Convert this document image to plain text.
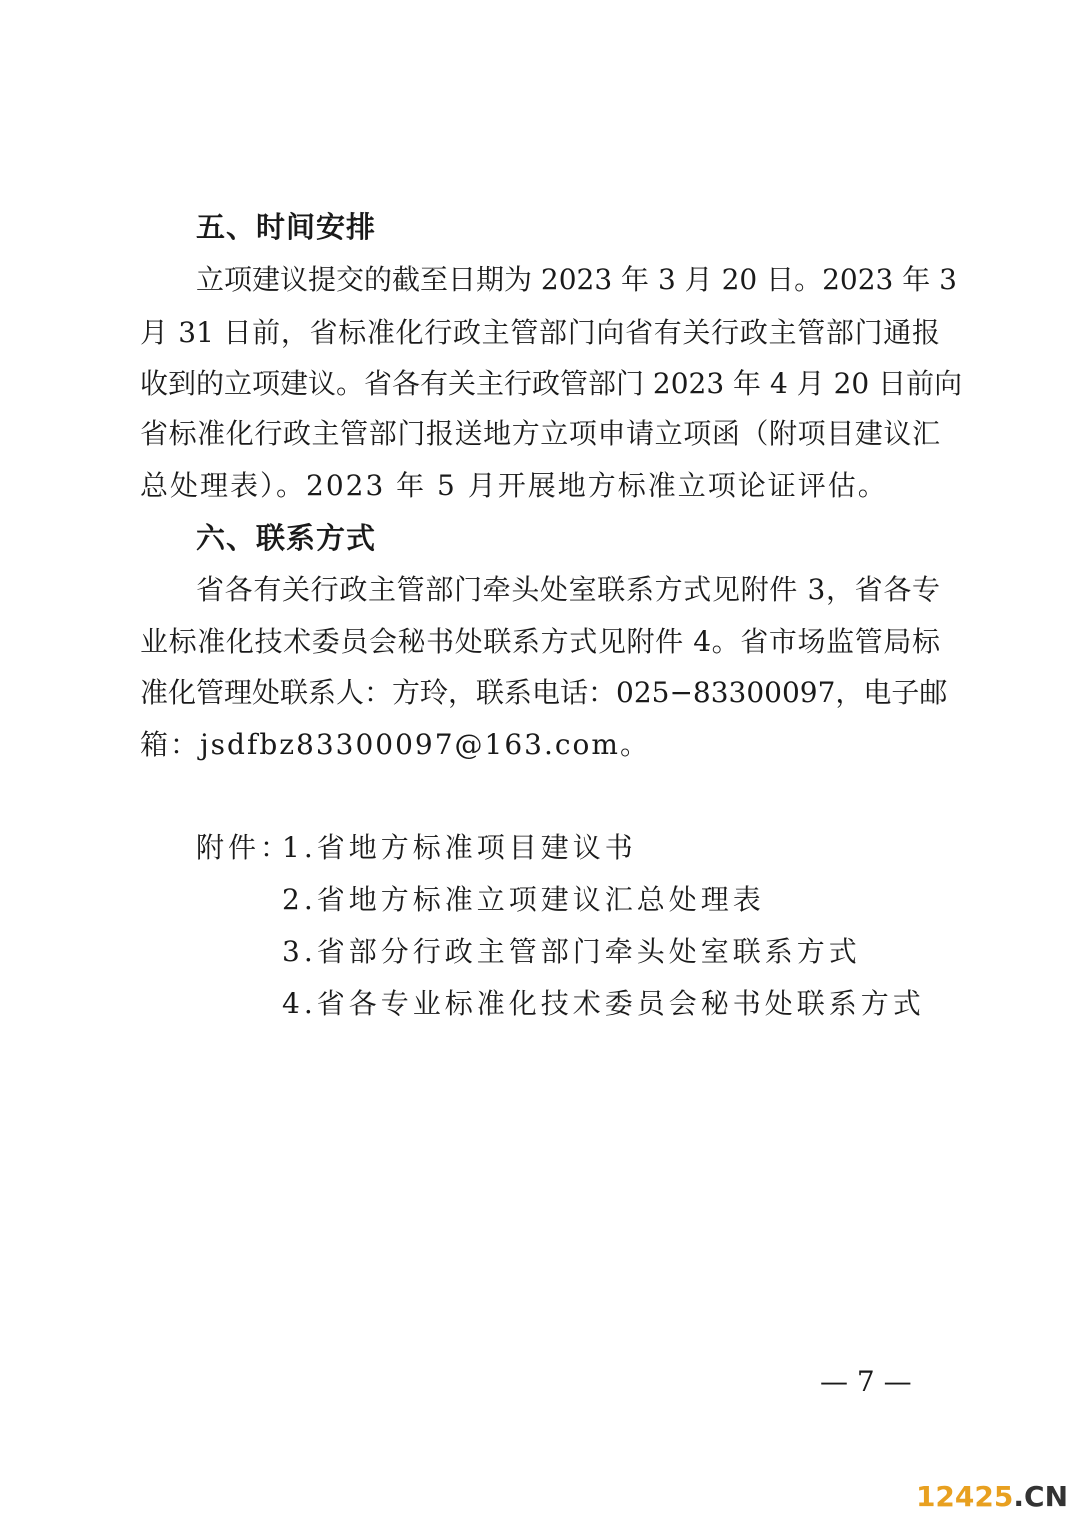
五、时间安排
立项建议提交的截至日期为 2023 年 3 月 20 日。2023 年 3
月 31 日前，省标准化行政主管部门向省有关行政主管部门通报
收到的立项建议。省各有关主行政管部门 2023 年 4 月 20 日前向
省标准化行政主管部门报送地方立项申请立项函（附项目建议汇
总处理表）。2023 年 5 月开展地方标准立项论证评估。
六、联系方式
省各有关行政主管部门牵头处室联系方式见附件 3，省各专
业标准化技术委员会秘书处联系方式见附件 4。省市场监管局标
准化管理处联系人：方玲，联系电话：025−83300097，电子邮
箱：jsdfbz83300097@163.com。
附件：
1.省地方标准项目建议书
2.省地方标准立项建议汇总处理表
3.省部分行政主管部门牵头处室联系方式
4.省各专业标准化技术委员会秘书处联系方式
— 7 —
12425.CN
